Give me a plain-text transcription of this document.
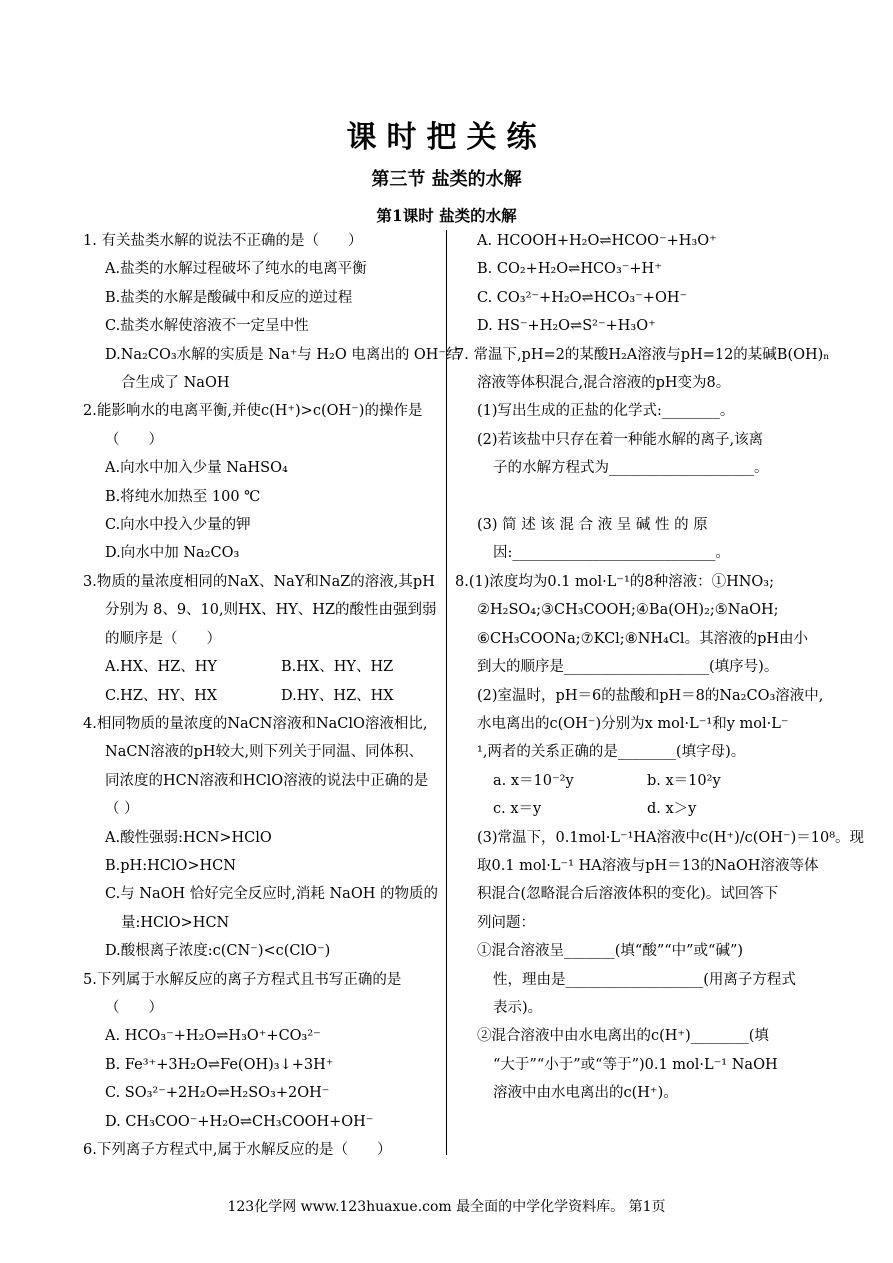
课时把关练
第三节 盐类的水解
第1课时 盐类的水解
1. 有关盐类水解的说法不正确的是（　　）
A.盐类的水解过程破坏了纯水的电离平衡
B.盐类的水解是酸碱中和反应的逆过程
C.盐类水解使溶液不一定呈中性
D.Na₂CO₃水解的实质是 Na⁺与 H₂O 电离出的 OH⁻结
合生成了 NaOH
2.能影响水的电离平衡,并使c(H⁺)>c(OH⁻)的操作是
（　　）
A.向水中加入少量 NaHSO₄
B.将纯水加热至 100 ℃
C.向水中投入少量的钾
D.向水中加 Na₂CO₃
3.物质的量浓度相同的NaX、NaY和NaZ的溶液,其pH
分别为 8、9、10,则HX、HY、HZ的酸性由强到弱
的顺序是（　　）
A.HX、HZ、HY	B.HX、HY、HZ
C.HZ、HY、HX	D.HY、HZ、HX
4.相同物质的量浓度的NaCN溶液和NaClO溶液相比,
NaCN溶液的pH较大,则下列关于同温、同体积、
同浓度的HCN溶液和HClO溶液的说法中正确的是
（ ）
A.酸性强弱:HCN>HClO
B.pH:HClO>HCN
C.与 NaOH 恰好完全反应时,消耗 NaOH 的物质的
量:HClO>HCN
D.酸根离子浓度:c(CN⁻)<c(ClO⁻)
5.下列属于水解反应的离子方程式且书写正确的是
（　　）
A. HCO₃⁻+H₂O⇌H₃O⁺+CO₃²⁻
B. Fe³⁺+3H₂O⇌Fe(OH)₃↓+3H⁺
C. SO₃²⁻+2H₂O⇌H₂SO₃+2OH⁻
D. CH₃COO⁻+H₂O⇌CH₃COOH+OH⁻
6.下列离子方程式中,属于水解反应的是（　　）
A. HCOOH+H₂O⇌HCOO⁻+H₃O⁺
B. CO₂+H₂O⇌HCO₃⁻+H⁺
C. CO₃²⁻+H₂O⇌HCO₃⁻+OH⁻
D. HS⁻+H₂O⇌S²⁻+H₃O⁺
7. 常温下,pH=2的某酸H₂A溶液与pH=12的某碱B(OH)ₙ
溶液等体积混合,混合溶液的pH变为8。
(1)写出生成的正盐的化学式:________。
(2)若该盐中只存在着一种能水解的离子,该离
子的水解方程式为____________________。

(3) 简 述 该 混 合 液 呈 碱 性 的 原
因:____________________________。
8.(1)浓度均为0.1 mol·L⁻¹的8种溶液：①HNO₃;
②H₂SO₄;③CH₃COOH;④Ba(OH)₂;⑤NaOH;
⑥CH₃COONa;⑦KCl;⑧NH₄Cl。其溶液的pH由小
到大的顺序是____________________(填序号)。
(2)室温时，pH＝6的盐酸和pH＝8的Na₂CO₃溶液中,
水电离出的c(OH⁻)分别为x mol·L⁻¹和y mol·L⁻
¹,两者的关系正确的是________(填字母)。
a. x＝10⁻²y	b. x＝10²y
c. x＝y	d. x＞y
(3)常温下，0.1mol·L⁻¹HA溶液中c(H⁺)/c(OH⁻)＝10⁸。现
取0.1 mol·L⁻¹ HA溶液与pH＝13的NaOH溶液等体
积混合(忽略混合后溶液体积的变化)。试回答下
列问题：
①混合溶液呈_______(填“酸”“中”或“碱”)
性，理由是___________________(用离子方程式
表示)。
②混合溶液中由水电离出的c(H⁺)________(填
“大于”“小于”或“等于”)0.1 mol·L⁻¹ NaOH
溶液中由水电离出的c(H⁺)。
123化学网 www.123huaxue.com 最全面的中学化学资料库。 第1页
